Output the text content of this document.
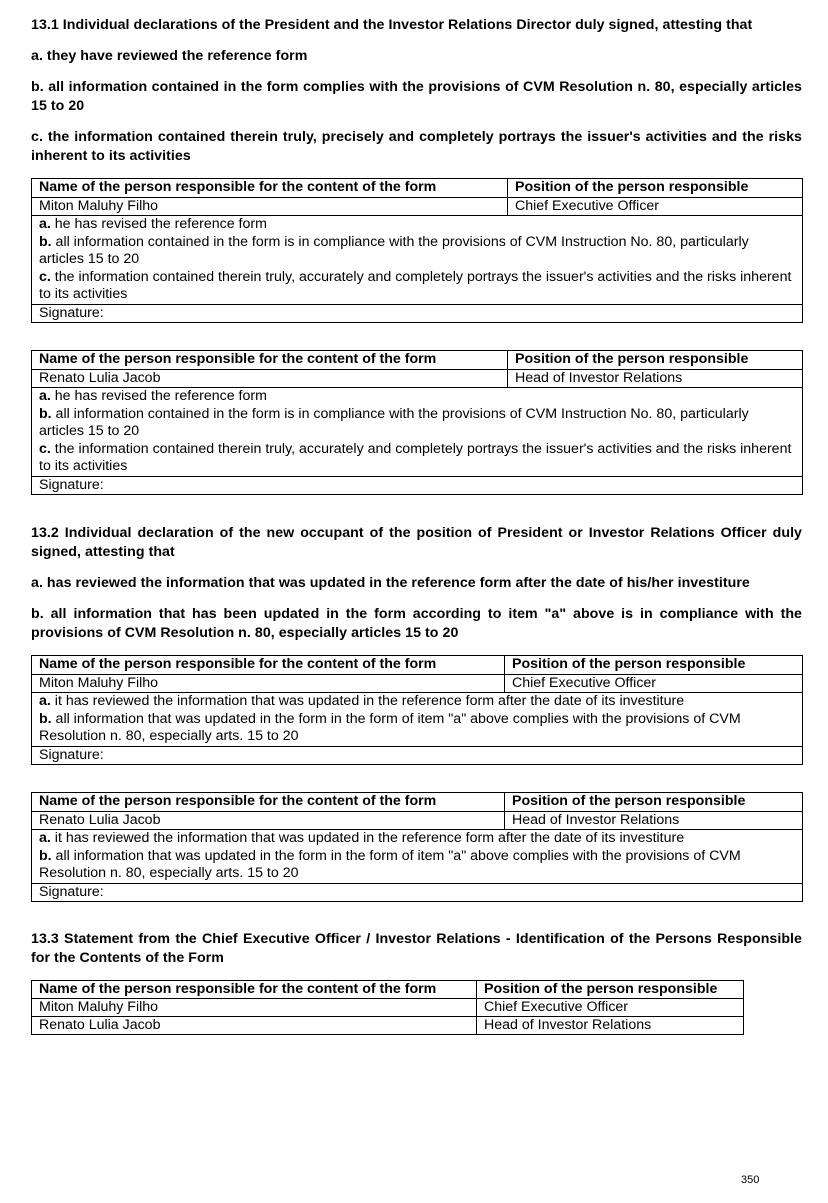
13.1 Individual declarations of the President and the Investor Relations Director duly signed, attesting that
a. they have reviewed the reference form
b. all information contained in the form complies with the provisions of CVM Resolution n. 80, especially articles 15 to 20
c. the information contained therein truly, precisely and completely portrays the issuer's activities and the risks inherent to its activities
Name of the person responsible for the content of the form	Position of the person responsible
Miton Maluhy Filho	Chief Executive Officer

a. he has revised the reference form
b. all information contained in the form is in compliance with the provisions of CVM Instruction No. 80, particularly articles 15 to 20
c. the information contained therein truly, accurately and completely portrays the issuer's activities and the risks inherent to its activities	

Signature:	
Name of the person responsible for the content of the form	Position of the person responsible
Renato Lulia Jacob	Head of Investor Relations

a. he has revised the reference form
b. all information contained in the form is in compliance with the provisions of CVM Instruction No. 80, particularly articles 15 to 20
c. the information contained therein truly, accurately and completely portrays the issuer's activities and the risks inherent to its activities	

Signature:	
13.2 Individual declaration of the new occupant of the position of President or Investor Relations Officer duly signed, attesting that
a. has reviewed the information that was updated in the reference form after the date of his/her investiture
b. all information that has been updated in the form according to item "a" above is in compliance with the provisions of CVM Resolution n. 80, especially articles 15 to 20
Name of the person responsible for the content of the form	Position of the person responsible
Miton Maluhy Filho	Chief Executive Officer

a. it has reviewed the information that was updated in the reference form after the date of its investiture
b. all information that was updated in the form in the form of item "a" above complies with the provisions of CVM Resolution n. 80, especially arts. 15 to 20	

Signature:	
Name of the person responsible for the content of the form	Position of the person responsible
Renato Lulia Jacob	Head of Investor Relations

a. it has reviewed the information that was updated in the reference form after the date of its investiture
b. all information that was updated in the form in the form of item "a" above complies with the provisions of CVM Resolution n. 80, especially arts. 15 to 20	

Signature:	
13.3 Statement from the Chief Executive Officer / Investor Relations - Identification of the Persons Responsible for the Contents of the Form
Name of the person responsible for the content of the form	Position of the person responsible
Miton Maluhy Filho	Chief Executive Officer
Renato Lulia Jacob	Head of Investor Relations
350
